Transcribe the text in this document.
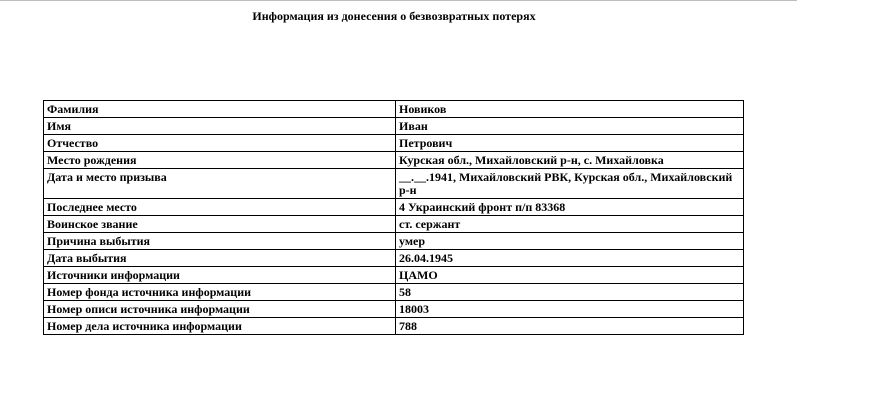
Информация из донесения о безвозвратных потерях
Фамилия	Новиков
Имя	Иван
Отчество	Петрович
Место рождения	Курская обл., Михайловский р-н, с. Михайловка
Дата и место призыва	__.__.1941, Михайловский РВК, Курская обл., Михайловский р-н
Последнее место	4 Украинский фронт п/п 83368
Воинское звание	ст. сержант
Причина выбытия	умер
Дата выбытия	26.04.1945
Источники информации	ЦАМО
Номер фонда источника информации	58
Номер описи источника информации	18003
Номер дела источника информации	788
